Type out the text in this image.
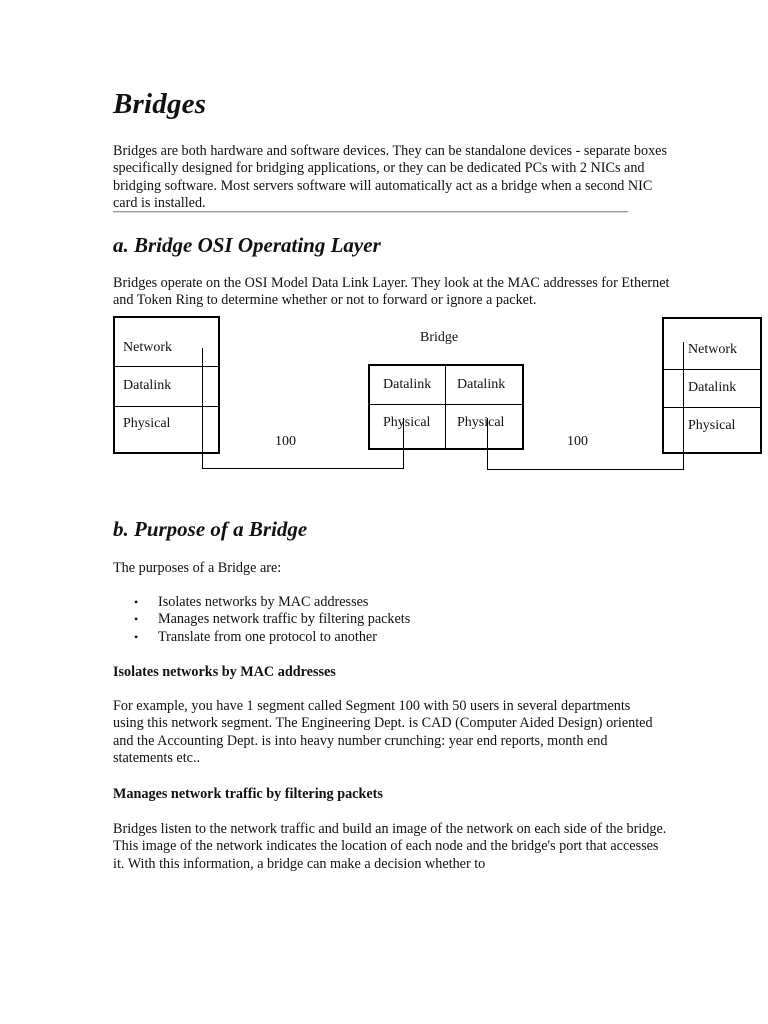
Bridges

Bridges are both hardware and software devices. They can be standalone devices - separate boxes specifically designed for bridging applications, or they can be dedicated PCs with 2 NICs and bridging software. Most servers software will automatically act as a bridge when a second NIC card is installed.

a. Bridge OSI Operating Layer

Bridges operate on the OSI Model Data Link Layer. They look at the MAC addresses for Ethernet and Token Ring to determine whether or not to forward or ignore a packet.

Network
Datalink
Physical
Bridge
Datalink
Physical
Datalink
Physical
Network
Datalink
Physical
100	100
b. Purpose of a Bridge

The purposes of a Bridge are:

• Isolates networks by MAC addresses
• Manages network traffic by filtering packets
• Translate from one protocol to another
Isolates networks by MAC addresses

For example, you have 1 segment called Segment 100 with 50 users in several departments using this network segment. The Engineering Dept. is CAD (Computer Aided Design) oriented and the Accounting Dept. is into heavy number crunching: year end reports, month end statements etc..

Manages network traffic by filtering packets

Bridges listen to the network traffic and build an image of the network on each side of the bridge. This image of the network indicates the location of each node and the bridge's port that accesses it. With this information, a bridge can make a decision whether to
